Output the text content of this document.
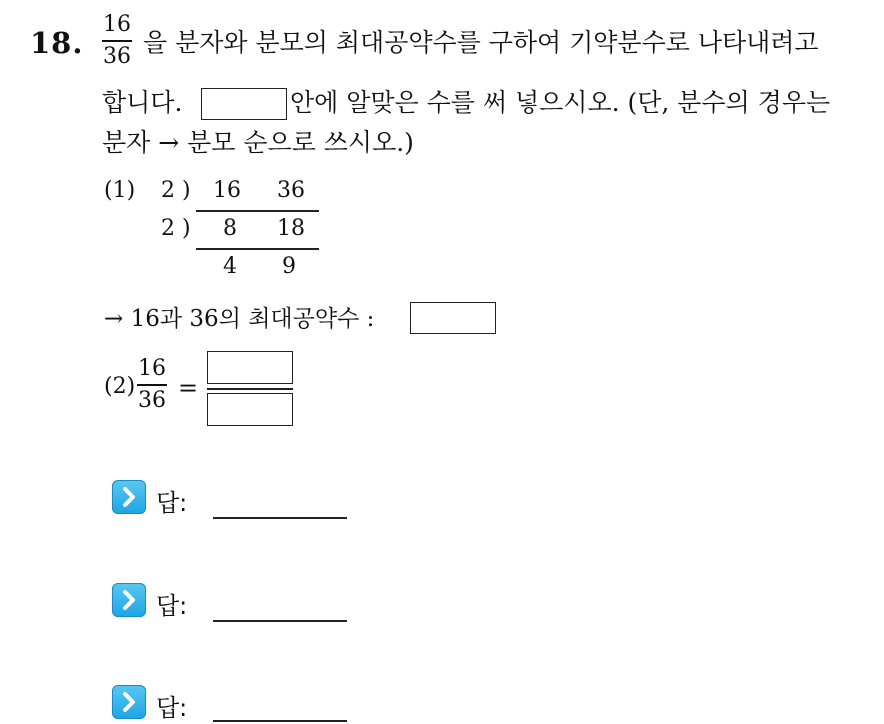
18.
16
36 을 분자와 분모의 최대공약수를 구하여 기약분수로 나타내려고
합니다.	안에 알맞은 수를 써 넣으시오. (단, 분수의 경우는
분자 → 분모 순으로 쓰시오.)
(1) 2 ) 16 36
2 ) 8 18
4 9
→ 16과 36의 최대공약수 :
(2)
16
36 =
답:
답:
답:
